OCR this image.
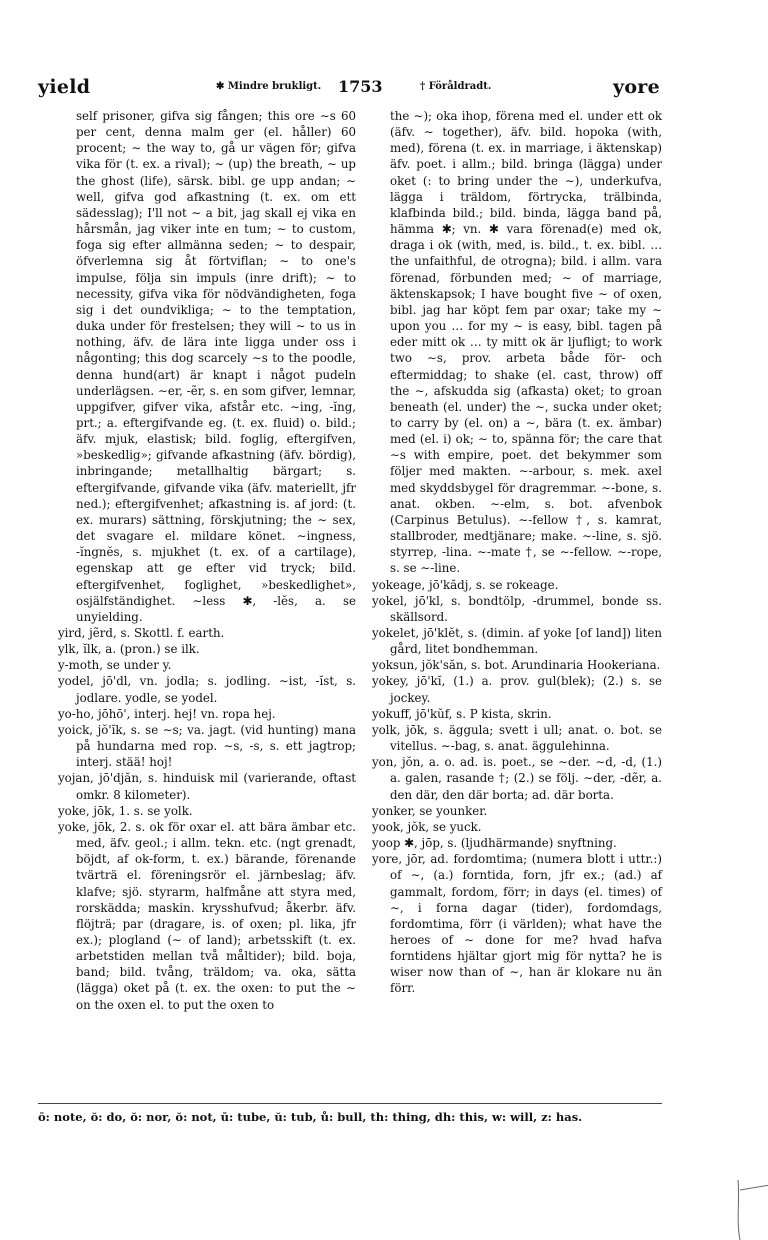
yield	✱ Mindre brukligt. 1753	† Föråldradt.	yore

self prisoner, gifva sig fången; this ore ∼s 60 per cent, denna malm ger (el. håller) 60 procent; ∼ the way to, gå ur vägen för; gifva vika för (t. ex. a rival); ∼ (up) the breath, ∼ up the ghost (life), särsk. bibl. ge upp andan; ∼ well, gifva god afkastning (t. ex. om ett sädesslag); I'll not ∼ a bit, jag skall ej vika en hårsmån, jag viker inte en tum; ∼ to custom, foga sig efter allmänna seden; ∼ to despair, öfverlemna sig åt förtviflan; ∼ to one's impulse, följa sin impuls (inre drift); ∼ to necessity, gifva vika för nödvändigheten, foga sig i det oundvikliga; ∼ to the temptation, duka under för frestelsen; they will ∼ to us in nothing, äfv. de lära inte ligga under oss i någonting; this dog scarcely ∼s to the poodle, denna hund(art) är knapt i något pudeln underlägsen. ∼er, -ẽr, s. en som gifver, lemnar, uppgifver, gifver vika, afstår etc. ∼ing, -ĭng, prt.; a. eftergifvande eg. (t. ex. fluid) o. bild.; äfv. mjuk, elastisk; bild. foglig, eftergifven, »beskedlig»; gifvande afkastning (äfv. bördig), inbringande; metallhaltig bärgart; s. eftergifvande, gifvande vika (äfv. materiellt, jfr ned.); eftergifvenhet; afkastning is. af jord: (t. ex. murars) sättning, förskjutning; the ∼ sex, det svagare el. mildare könet. ∼ingness, -ĭngnĕs, s. mjukhet (t. ex. of a cartilage), egenskap att ge efter vid tryck; bild. eftergifvenhet, foglighet, »beskedlighet», osjälfständighet. ∼less ✱, -lĕs, a. se unyielding.

yird, jẽrd, s. Skottl. f. earth.

ylk, ĭlk, a. (pron.) se ilk.

y-moth, se under y.

yodel, jō'dl, vn. jodla; s. jodling. ∼ist, -ĭst, s. jodlare. yodle, se yodel.

yo-ho, jōhō', interj. hej! vn. ropa hej.

yoick, jŏ'ĭk, s. se ∼s; va. jagt. (vid hunting) mana på hundarna med rop. ∼s, -s, s. ett jagtrop; interj. stää! hoj!

yojan, jō'djăn, s. hinduisk mil (varierande, oftast omkr. 8 kilometer).

yoke, jōk, 1. s. se yolk.

yoke, jōk, 2. s. ok för oxar el. att bära ämbar etc. med, äfv. geol.; i allm. tekn. etc. (ngt grenadt, böjdt, af ok-form, t. ex.) bärande, förenande tvärträ el. föreningsrör el. järnbeslag; äfv. klafve; sjö. styrarm, halfmåne att styra med, rorskädda; maskin. krysshufvud; åkerbr. äfv. flöjträ; par (dragare, is. of oxen; pl. lika, jfr ex.); plogland (∼ of land); arbetsskift (t. ex. arbetstiden mellan två måltider); bild. boja, band; bild. tvång, träldom; va. oka, sätta (lägga) oket på (t. ex. the oxen: to put the ∼ on the oxen el. to put the oxen to

the ∼); oka ihop, förena med el. under ett ok (äfv. ∼ together), äfv. bild. hopoka (with, med), förena (t. ex. in marriage, i äktenskap) äfv. poet. i allm.; bild. bringa (lägga) under oket (: to bring under the ∼), underkufva, lägga i träldom, förtrycka, trälbinda, klafbinda bild.; bild. binda, lägga band på, hämma ✱; vn. ✱ vara förenad(e) med ok, draga i ok (with, med, is. bild., t. ex. bibl. … the unfaithful, de otrogna); bild. i allm. vara förenad, förbunden med; ∼ of marriage, äktenskapsok; I have bought five ∼ of oxen, bibl. jag har köpt fem par oxar; take my ∼ upon you … for my ∼ is easy, bibl. tagen på eder mitt ok … ty mitt ok är ljufligt; to work two ∼s, prov. arbeta både för- och eftermiddag; to shake (el. cast, throw) off the ∼, afskudda sig (afkasta) oket; to groan beneath (el. under) the ∼, sucka under oket; to carry by (el. on) a ∼, bära (t. ex. ämbar) med (el. i) ok; ∼ to, spänna för; the care that ∼s with empire, poet. det bekymmer som följer med makten. ∼-arbour, s. mek. axel med skyddsbygel för dragremmar. ∼-bone, s. anat. okben. ∼-elm, s. bot. afvenbok (Carpinus Betulus). ∼-fellow †, s. kamrat, stallbroder, medtjänare; make. ∼-line, s. sjö. styrrep, -lina. ∼-mate †, se ∼-fellow. ∼-rope, s. se ∼-line.

yokeage, jō'kădj, s. se rokeage.

yokel, jō'kl, s. bondtölp, -drummel, bonde ss. skällsord.

yokelet, jō'klĕt, s. (dimin. af yoke [of land]) liten gård, litet bondhemman.

yoksun, jŏk'săn, s. bot. Arundinaria Hookeriana.

yokey, jō'kĭ, (1.) a. prov. gul(blek); (2.) s. se jockey.

yokuff, jō'kŭf, s. P kista, skrin.

yolk, jōk, s. äggula; svett i ull; anat. o. bot. se vitellus. ∼-bag, s. anat. äggulehinna.

yon, jŏn, a. o. ad. is. poet., se ∼der. ∼d, -d, (1.) a. galen, rasande †; (2.) se följ. ∼der, -dẽr, a. den där, den där borta; ad. där borta.

yonker, se younker.

yook, jŏk, se yuck.

yoop ✱, jōp, s. (ljudhärmande) snyftning.

yore, jōr, ad. fordomtima; (numera blott i uttr.:) of ∼, (a.) forntida, forn, jfr ex.; (ad.) af gammalt, fordom, förr; in days (el. times) of ∼, i forna dagar (tider), fordomdags, fordomtima, förr (i världen); what have the heroes of ∼ done for me? hvad hafva forntidens hjältar gjort mig för nytta? he is wiser now than of ∼, han är klokare nu än förr.

ō: note, ŏ: do, ŏ: nor, ŏ: not, ū: tube, ŭ: tub, ů: bull, th: thing, dh: this, w: will, z: has.
